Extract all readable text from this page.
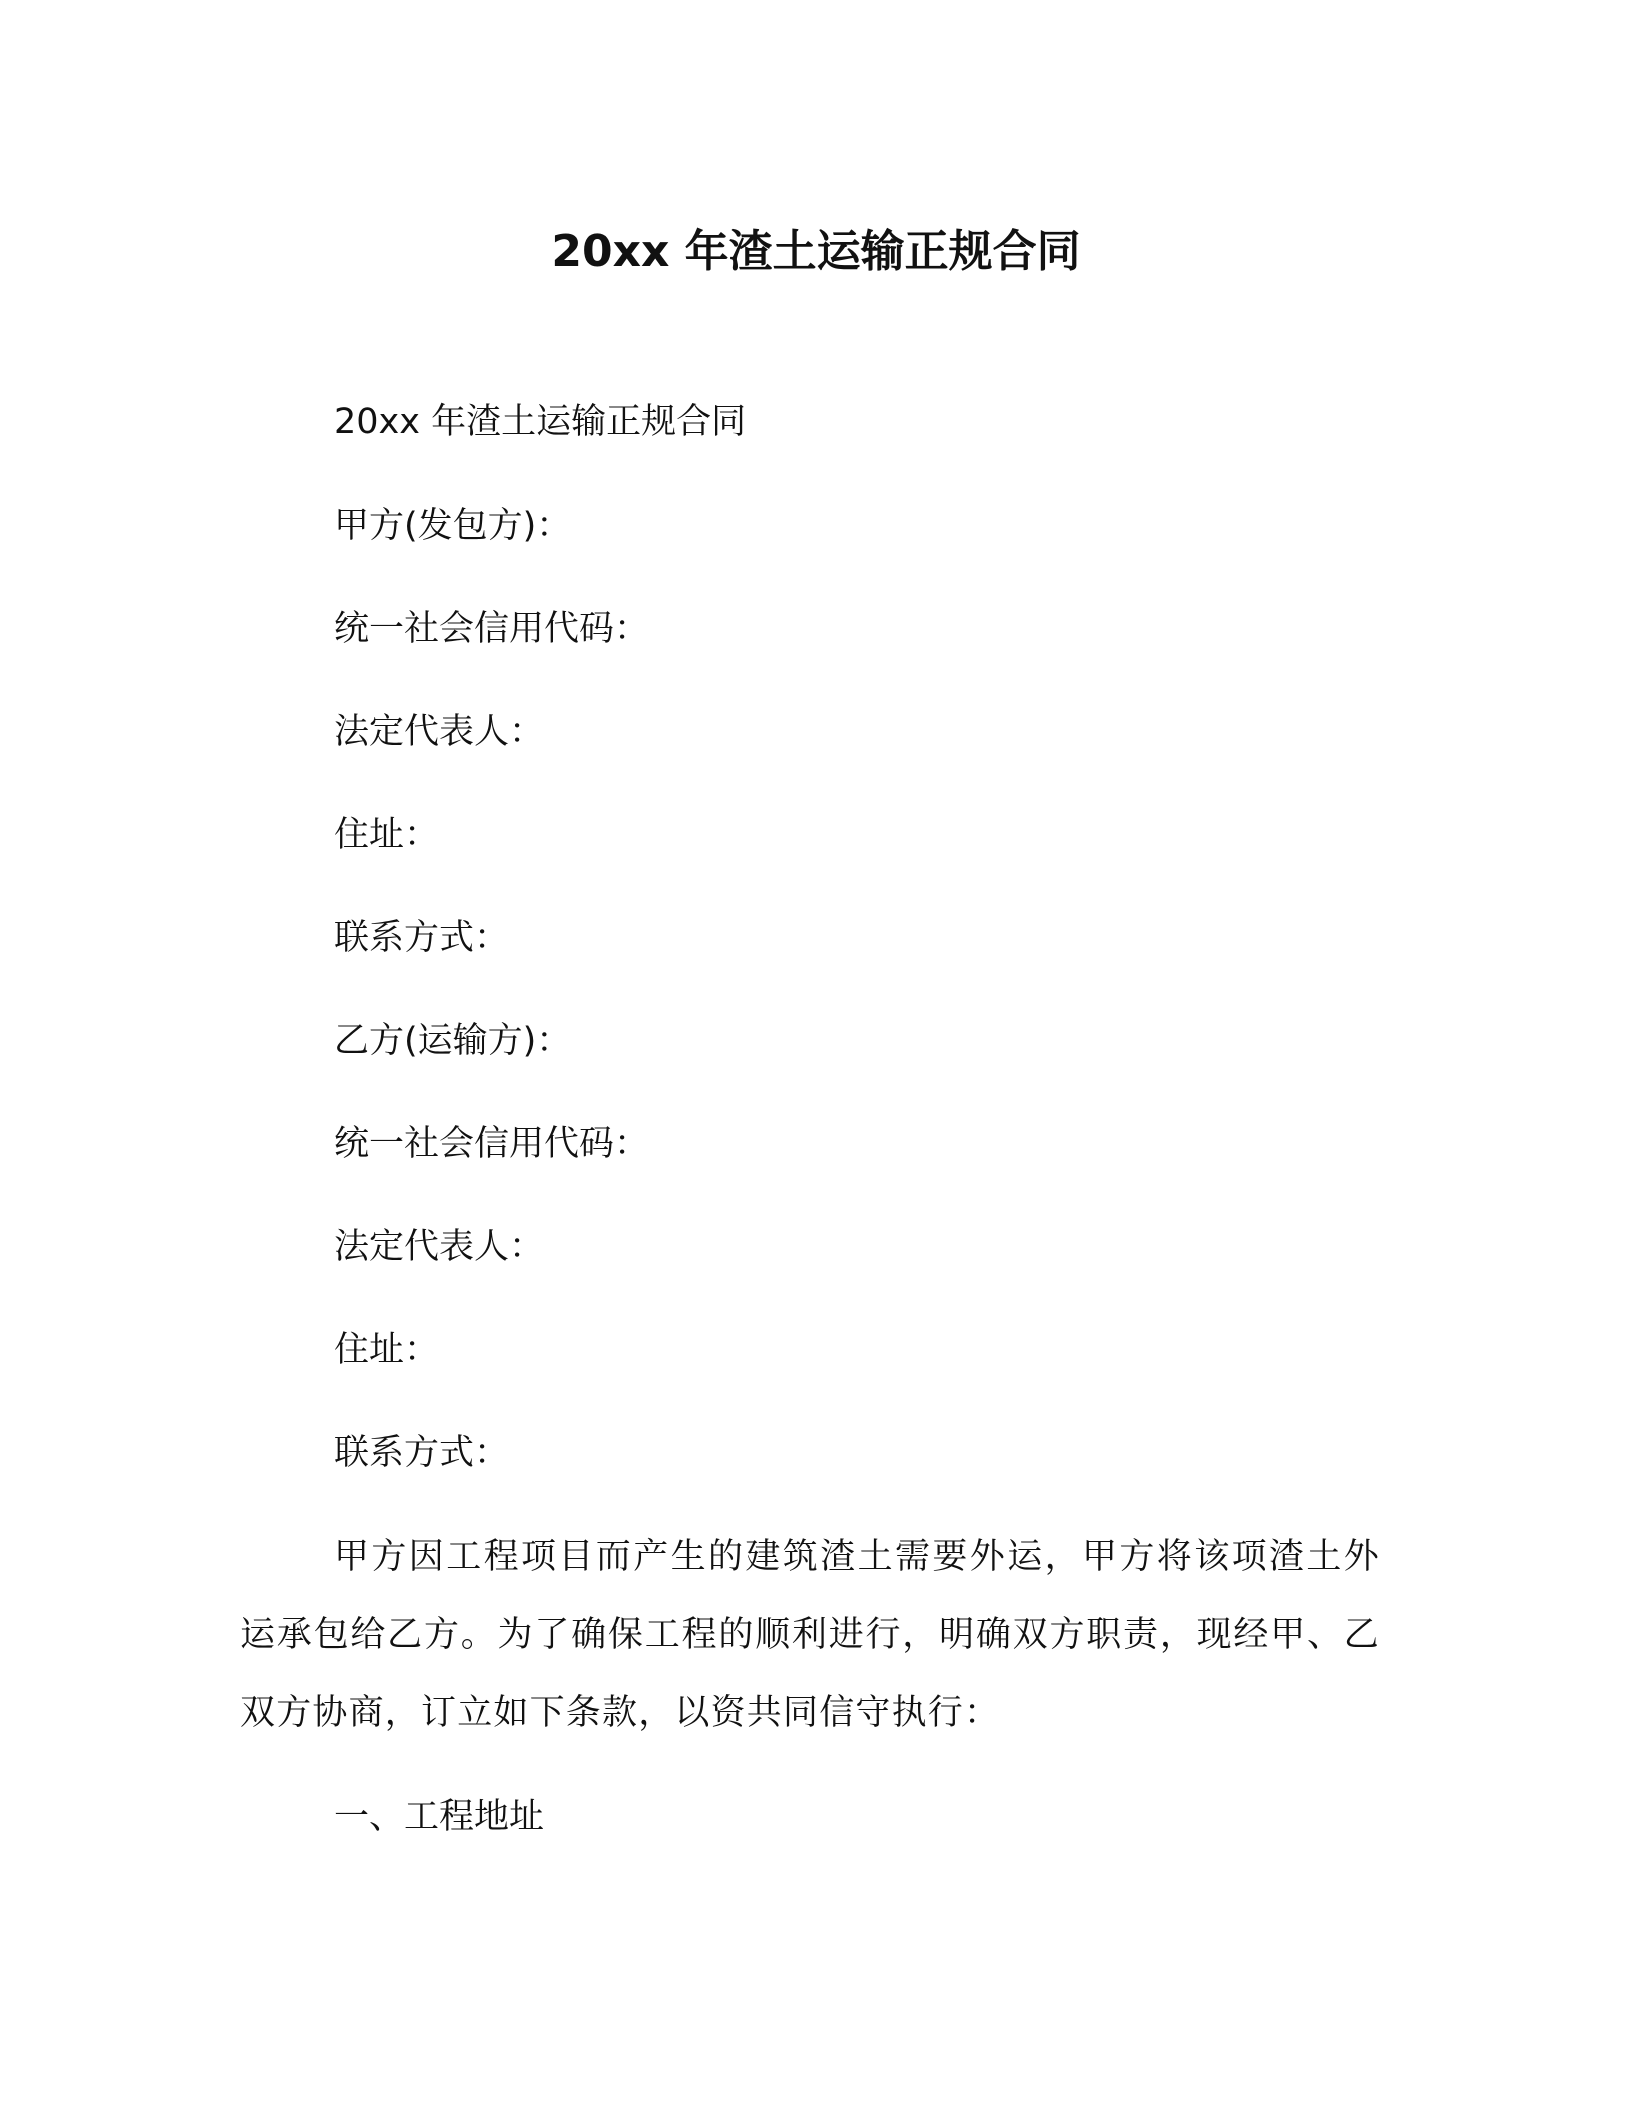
20xx 年渣土运输正规合同
20xx 年渣土运输正规合同
甲方(发包方)：
统一社会信用代码：
法定代表人：
住址：
联系方式：
乙方(运输方)：
统一社会信用代码：
法定代表人：
住址：
联系方式：
甲方因工程项目而产生的建筑渣土需要外运，甲方将该项渣土外运承包给乙方。为了确保工程的顺利进行，明确双方职责，现经甲、乙双方协商，订立如下条款，以资共同信守执行：
一、工程地址
